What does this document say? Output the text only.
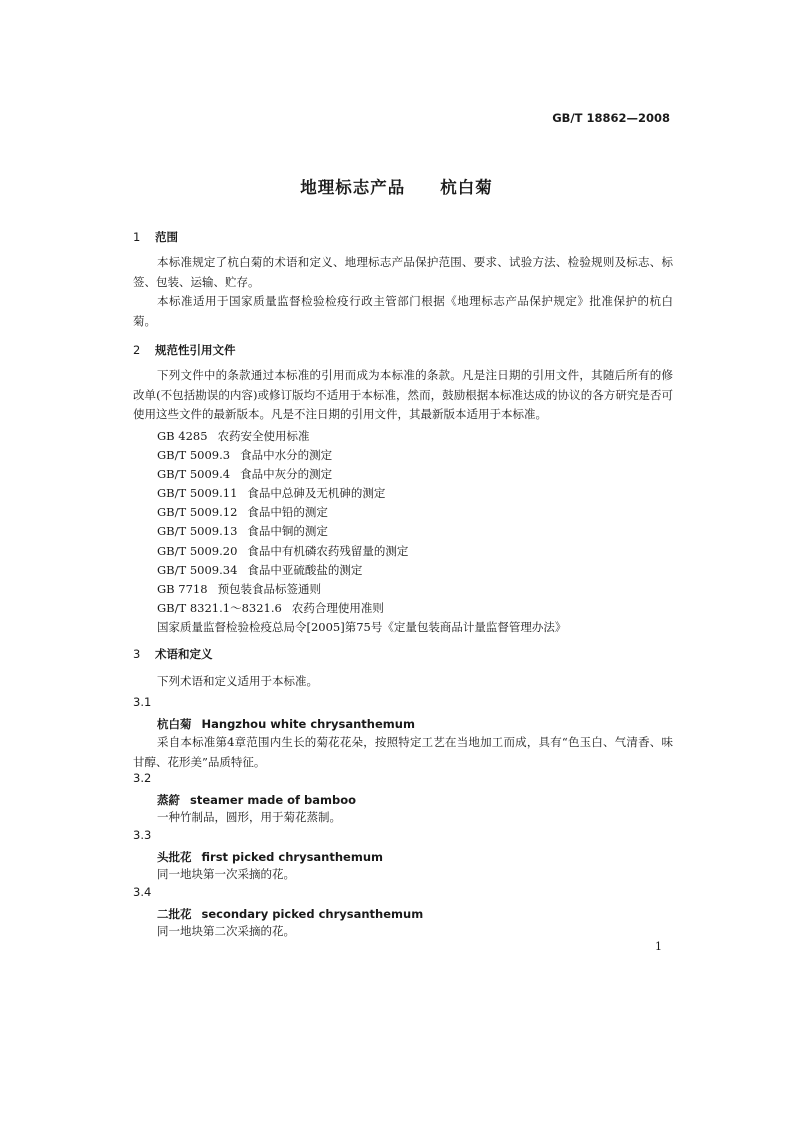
GB/T 18862—2008
地理标志产品   杭白菊
1 范围
本标准规定了杭白菊的术语和定义、地理标志产品保护范围、要求、试验方法、检验规则及标志、标签、包装、运输、贮存。
本标准适用于国家质量监督检验检疫行政主管部门根据《地理标志产品保护规定》批准保护的杭白菊。
2 规范性引用文件
下列文件中的条款通过本标准的引用而成为本标准的条款。凡是注日期的引用文件，其随后所有的修改单(不包括勘误的内容)或修订版均不适用于本标准，然而，鼓励根据本标准达成的协议的各方研究是否可使用这些文件的最新版本。凡是不注日期的引用文件，其最新版本适用于本标准。
GB 4285 农药安全使用标准
GB/T 5009.3 食品中水分的测定
GB/T 5009.4 食品中灰分的测定
GB/T 5009.11 食品中总砷及无机砷的测定
GB/T 5009.12 食品中铅的测定
GB/T 5009.13 食品中铜的测定
GB/T 5009.20 食品中有机磷农药残留量的测定
GB/T 5009.34 食品中亚硫酸盐的测定
GB 7718 预包装食品标签通则
GB/T 8321.1～8321.6 农药合理使用准则
国家质量监督检验检疫总局令[2005]第75号《定量包装商品计量监督管理办法》
3 术语和定义
下列术语和定义适用于本标准。
3.1
杭白菊 Hangzhou white chrysanthemum
采自本标准第4章范围内生长的菊花花朵，按照特定工艺在当地加工而成，具有“色玉白、气清香、味甘醇、花形美”品质特征。
3.2
蒸䈙 steamer made of bamboo
一种竹制品，圆形，用于菊花蒸制。
3.3
头批花 first picked chrysanthemum
同一地块第一次采摘的花。
3.4
二批花 secondary picked chrysanthemum
同一地块第二次采摘的花。
1
